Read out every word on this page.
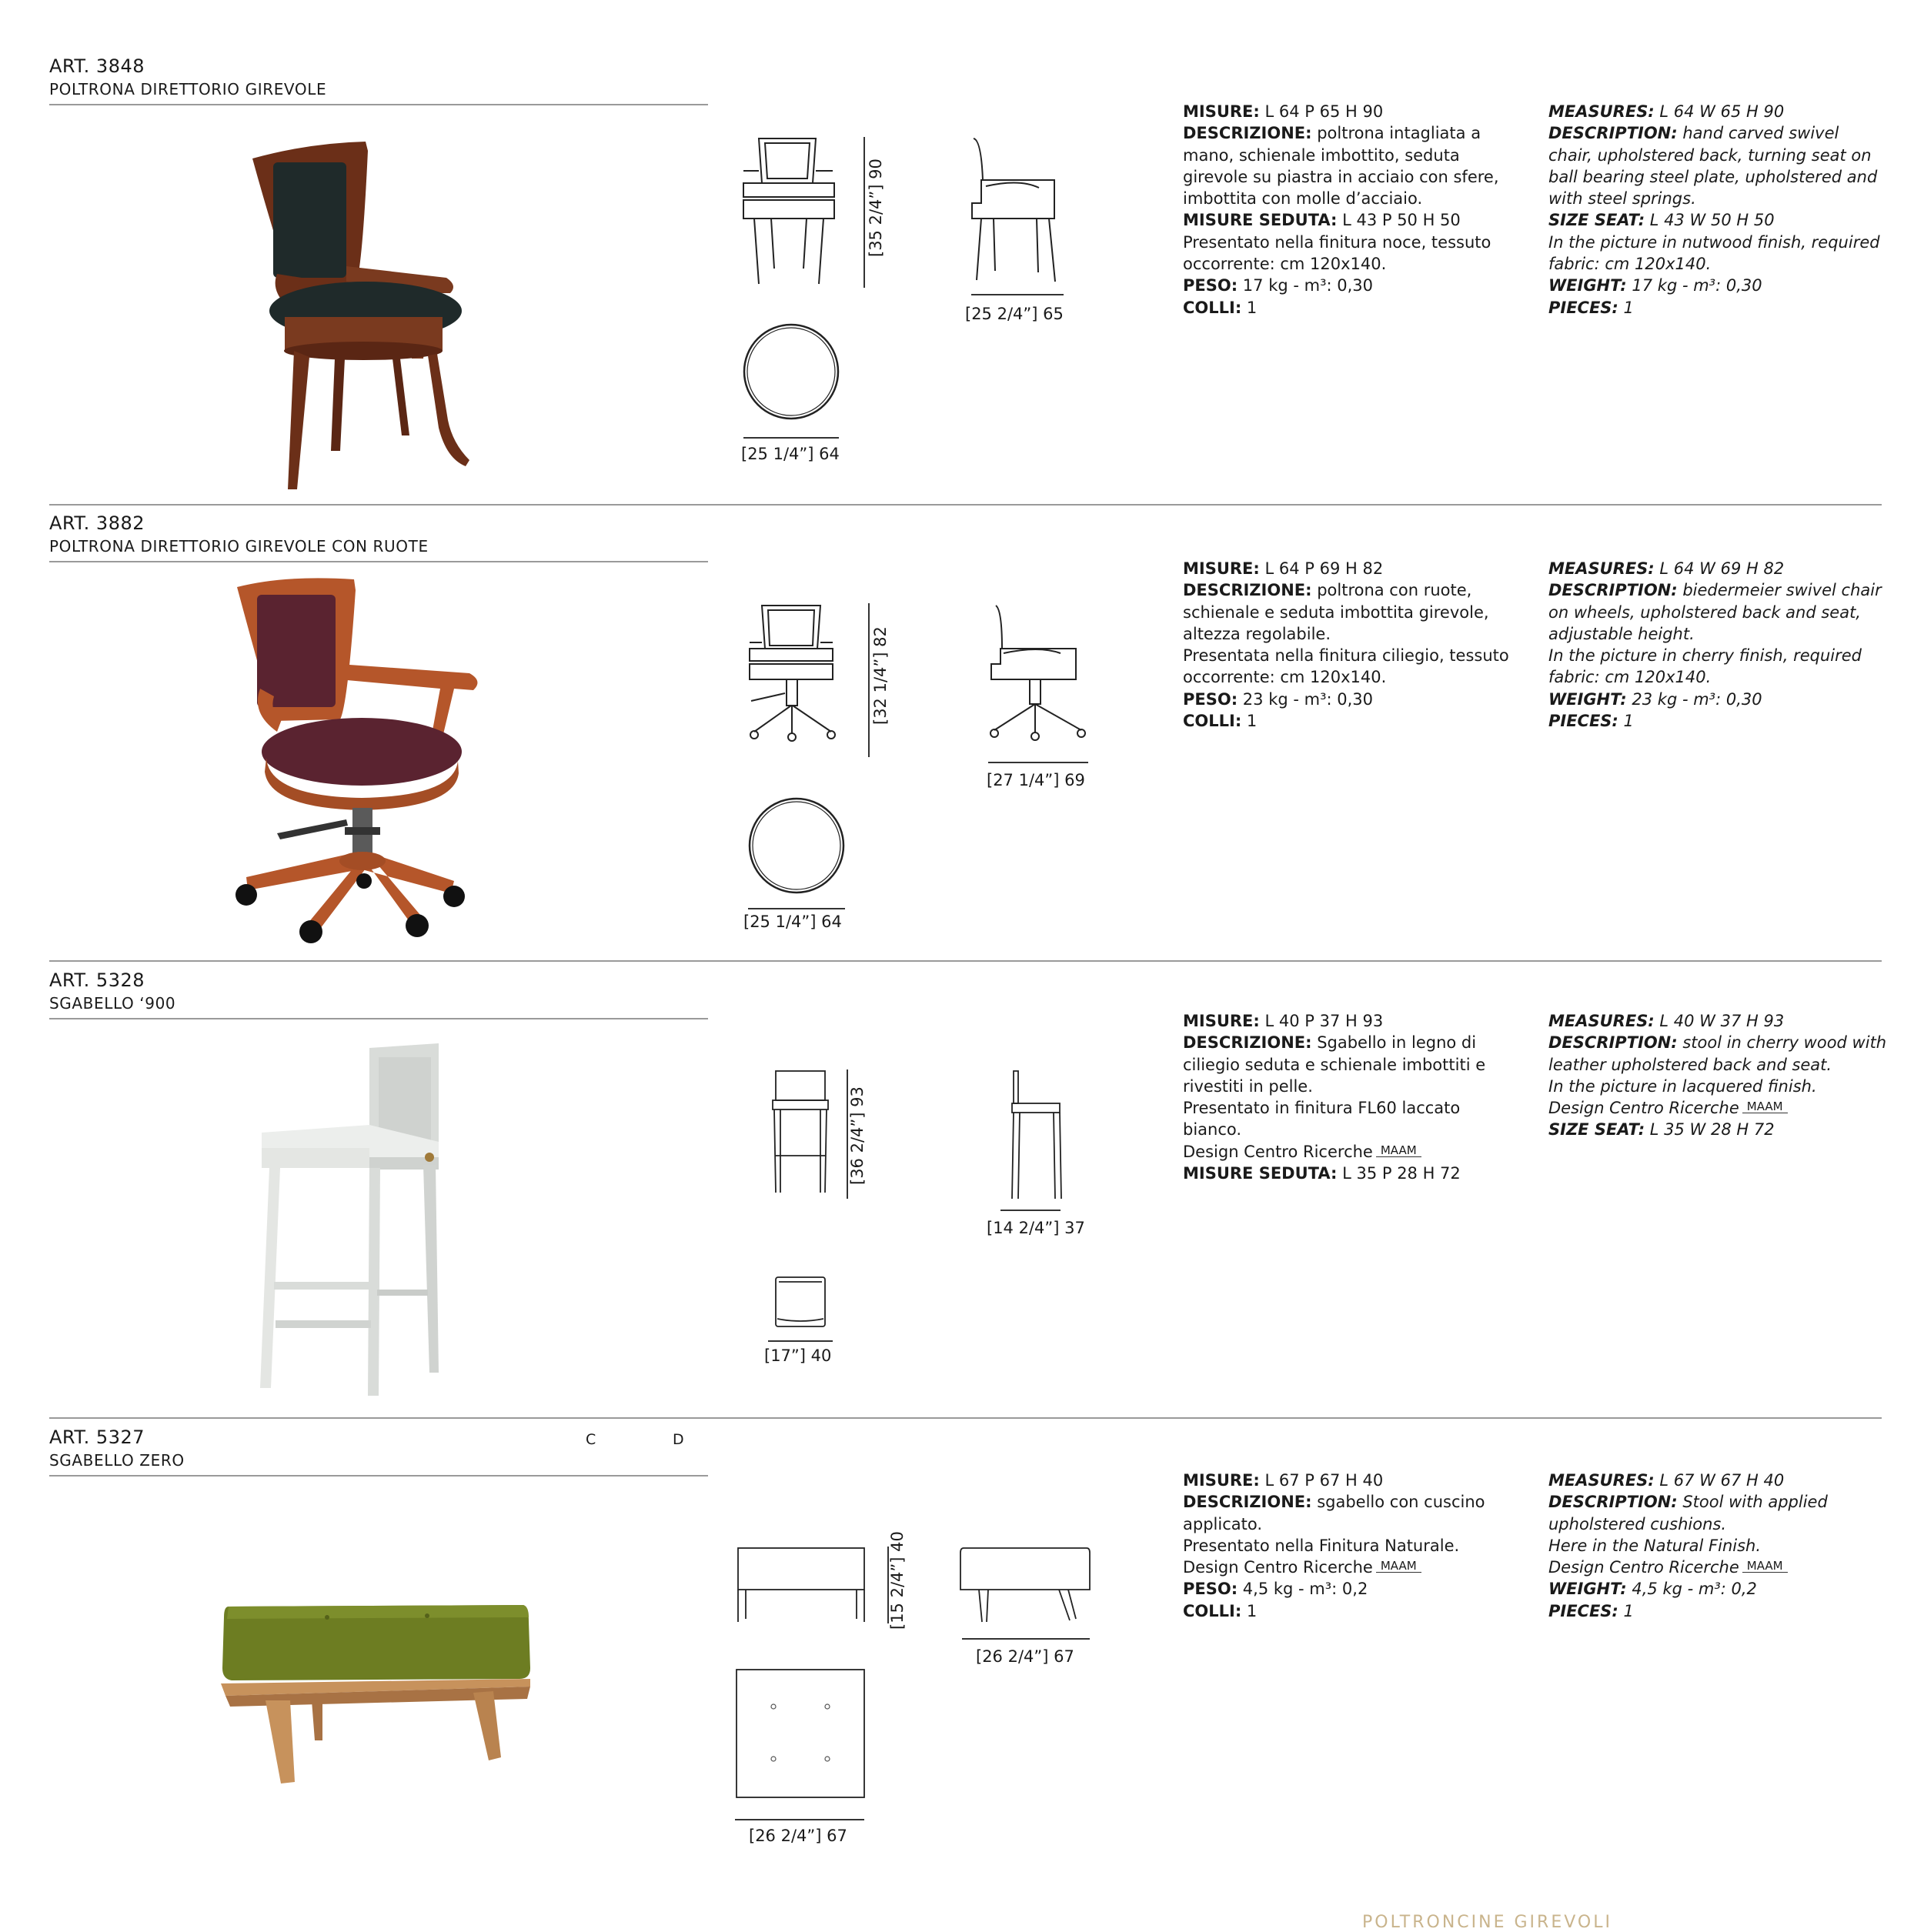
ART. 3848
POLTRONA DIRETTORIO GIREVOLE
[35 2/4”] 90
[25 2/4”] 65
[25 1/4”] 64

MISURE: L 64 P 65 H 90

DESCRIZIONE: poltrona intagliata a mano, schienale imbottito, seduta girevole su piastra in acciaio con sfere, imbottita con molle d’acciaio.

MISURE SEDUTA: L 43 P 50 H 50

Presentato nella finitura noce, tessuto occorrente: cm 120x140.

PESO: 17 kg - m³: 0,30

COLLI: 1

MEASURES: L 64 W 65 H 90

DESCRIPTION: hand carved swivel chair, upholstered back, turning seat on ball bearing steel plate, upholstered and with steel springs.

SIZE SEAT: L 43 W 50 H 50

In the picture in nutwood finish, required fabric: cm 120x140.

WEIGHT: 17 kg - m³: 0,30

PIECES: 1

ART. 3882
POLTRONA DIRETTORIO GIREVOLE CON RUOTE
[32 1/4”] 82
[27 1/4”] 69
[25 1/4”] 64

MISURE: L 64 P 69 H 82

DESCRIZIONE: poltrona con ruote, schienale e seduta imbottita girevole, altezza regolabile.

Presentata nella finitura ciliegio, tessuto occorrente: cm 120x140.

PESO: 23 kg - m³: 0,30

COLLI: 1

MEASURES: L 64 W 69 H 82

DESCRIPTION: biedermeier swivel chair on wheels, upholstered back and seat, adjustable height.

In the picture in cherry finish, required fabric: cm 120x140.

WEIGHT: 23 kg - m³: 0,30

PIECES: 1

ART. 5328
SGABELLO ‘900
[36 2/4”] 93
[14 2/4”] 37
[17”] 40

MISURE: L 40 P 37 H 93

DESCRIZIONE: Sgabello in legno di ciliegio seduta e schienale imbottiti e rivestiti in pelle.

Presentato in finitura FL60 laccato bianco.

Design Centro Ricerche MAAM

MISURE SEDUTA: L 35 P 28 H 72

MEASURES: L 40 W 37 H 93

DESCRIPTION: stool in cherry wood with leather upholstered back and seat.

In the picture in lacquered finish.

Design Centro Ricerche MAAM

SIZE SEAT: L 35 W 28 H 72

ART. 5327
SGABELLO ZERO
C	D
[15 2/4”] 40
[26 2/4”] 67
[26 2/4”] 67

MISURE: L 67 P 67 H 40

DESCRIZIONE: sgabello con cuscino applicato.

Presentato nella Finitura Naturale.

Design Centro Ricerche MAAM

PESO: 4,5 kg - m³: 0,2

COLLI: 1

MEASURES: L 67 W 67 H 40

DESCRIPTION: Stool with applied upholstered cushions.

Here in the Natural Finish.

Design Centro Ricerche MAAM

WEIGHT: 4,5 kg - m³: 0,2

PIECES: 1

POLTRONCINE GIREVOLI
